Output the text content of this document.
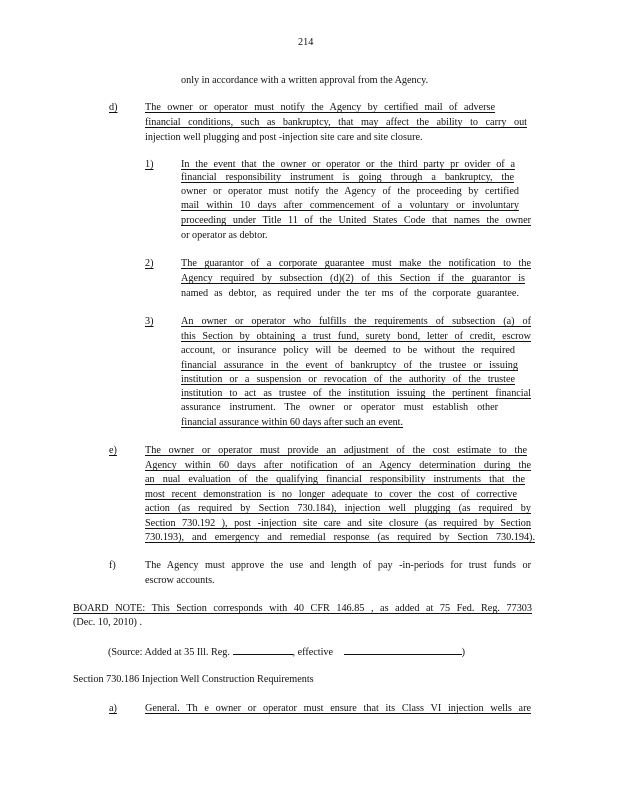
214
only in accordance with a written approval from the Agency.
d)	The owner or operator must notify the Agency by certified mail of adverse
financial conditions, such as bankruptcy, that may affect the ability to carry out
injection well plugging and post -injection site care and site closure.
1)	In the event that the owner or operator or the third party pr ovider of a
financial responsibility instrument is going through a bankruptcy, the
owner or operator must notify the Agency of the proceeding by certified
mail within 10 days after commencement of a voluntary or involuntary
proceeding under Title 11 of the United States Code that names the owner
or operator as debtor.
2)	The guarantor of a corporate guarantee must make the notification to the
Agency required by subsection (d)(2) of this Section if the guarantor is
named as debtor, as required under the ter ms of the corporate guarantee.
3)	An owner or operator who fulfills the requirements of subsection (a) of
this Section by obtaining a trust fund, surety bond, letter of credit, escrow
account, or insurance policy will be deemed to be without the required
financial assurance in the event of bankruptcy of the trustee or issuing
institution or a suspension or revocation of the authority of the trustee
institution to act as trustee of the institution issuing the pertinent financial
assurance instrument. The owner or operator must establish other
financial assurance within 60 days after such an event.
e)	The owner or operator must provide an adjustment of the cost estimate to the
Agency within 60 days after notification of an Agency determination during the
an nual evaluation of the qualifying financial responsibility instruments that the
most recent demonstration is no longer adequate to cover the cost of corrective
action (as required by Section 730.184), injection well plugging (as required by
Section 730.192 ), post -injection site care and site closure (as required by Section
730.193), and emergency and remedial response (as required by Section 730.194).
f)	The Agency must approve the use and length of pay -in-periods for trust funds or
escrow accounts.
BOARD NOTE: This Section corresponds with 40 CFR 146.85 , as added at 75 Fed. Reg. 77303
(Dec. 10, 2010) .
(Source: Added at 35 Ill. Reg.	, effective	)
Section 730.186 Injection Well Construction Requirements
a)	General. Th e owner or operator must ensure that its Class VI injection wells are
